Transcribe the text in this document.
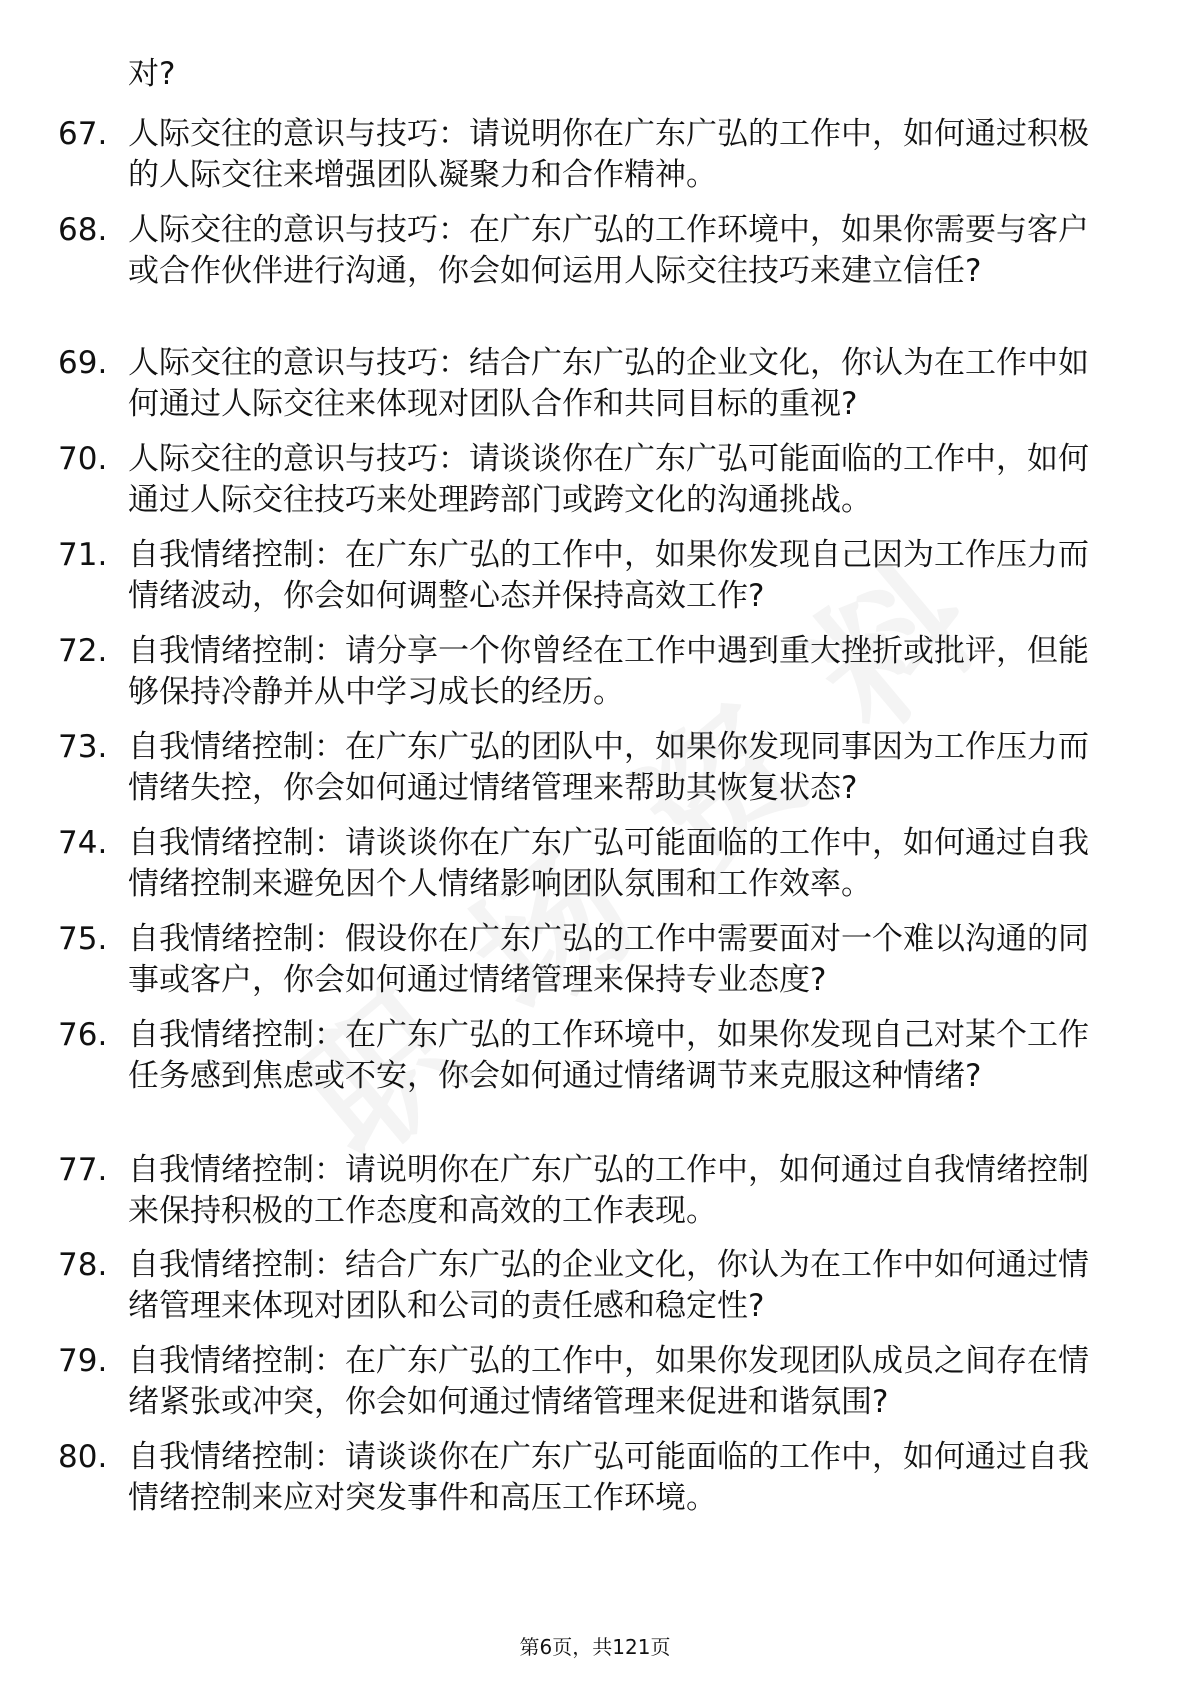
对?
67. 人际交往的意识与技巧：请说明你在广东广弘的工作中，如何通过积极的人际交往来增强团队凝聚力和合作精神。
68. 人际交往的意识与技巧：在广东广弘的工作环境中，如果你需要与客户或合作伙伴进行沟通，你会如何运用人际交往技巧来建立信任?
69. 人际交往的意识与技巧：结合广东广弘的企业文化，你认为在工作中如何通过人际交往来体现对团队合作和共同目标的重视?
70. 人际交往的意识与技巧：请谈谈你在广东广弘可能面临的工作中，如何通过人际交往技巧来处理跨部门或跨文化的沟通挑战。
71. 自我情绪控制：在广东广弘的工作中，如果你发现自己因为工作压力而情绪波动，你会如何调整心态并保持高效工作?
72. 自我情绪控制：请分享一个你曾经在工作中遇到重大挫折或批评，但能够保持冷静并从中学习成长的经历。
73. 自我情绪控制：在广东广弘的团队中，如果你发现同事因为工作压力而情绪失控，你会如何通过情绪管理来帮助其恢复状态?
74. 自我情绪控制：请谈谈你在广东广弘可能面临的工作中，如何通过自我情绪控制来避免因个人情绪影响团队氛围和工作效率。
75. 自我情绪控制：假设你在广东广弘的工作中需要面对一个难以沟通的同事或客户，你会如何通过情绪管理来保持专业态度?
76. 自我情绪控制：在广东广弘的工作环境中，如果你发现自己对某个工作任务感到焦虑或不安，你会如何通过情绪调节来克服这种情绪?
77. 自我情绪控制：请说明你在广东广弘的工作中，如何通过自我情绪控制来保持积极的工作态度和高效的工作表现。
78. 自我情绪控制：结合广东广弘的企业文化，你认为在工作中如何通过情绪管理来体现对团队和公司的责任感和稳定性?
79. 自我情绪控制：在广东广弘的工作中，如果你发现团队成员之间存在情绪紧张或冲突，你会如何通过情绪管理来促进和谐氛围?
80. 自我情绪控制：请谈谈你在广东广弘可能面临的工作中，如何通过自我情绪控制来应对突发事件和高压工作环境。
第6页，共121页
